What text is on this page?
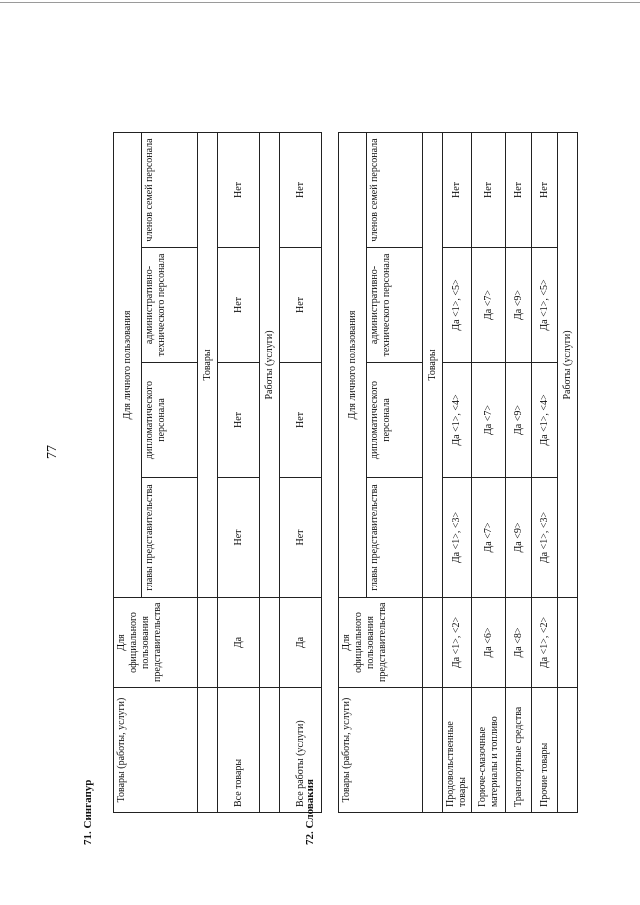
77
71. Сингапур
Товары (работы, услуги)	Для официального пользования представительства	Для личного пользования			
		главы представительства	дипломатического персонала	административно-технического персонала	членов семей персонала
		Товары			
Все товары	Да	Нет	Нет	Нет	Нет
		Работы (услуги)			
Все работы (услуги)	Да	Нет	Нет	Нет	Нет
72. Словакия
Товары (работы, услуги)	Для официального пользования представительства	Для личного пользования			
		главы представительства	дипломатического персонала	административно-технического персонала	членов семей персонала
		Товары			
Продовольственные товары	Да <1>, <2>	Да <1>, <3>	Да <1>, <4>	Да <1>, <5>	Нет
Горюче-смазочные материалы и топливо	Да <6>	Да <7>	Да <7>	Да <7>	Нет
Транспортные средства	Да <8>	Да <9>	Да <9>	Да <9>	Нет
Прочие товары	Да <1>, <2>	Да <1>, <3>	Да <1>, <4>	Да <1>, <5>	Нет
		Работы (услуги)			
